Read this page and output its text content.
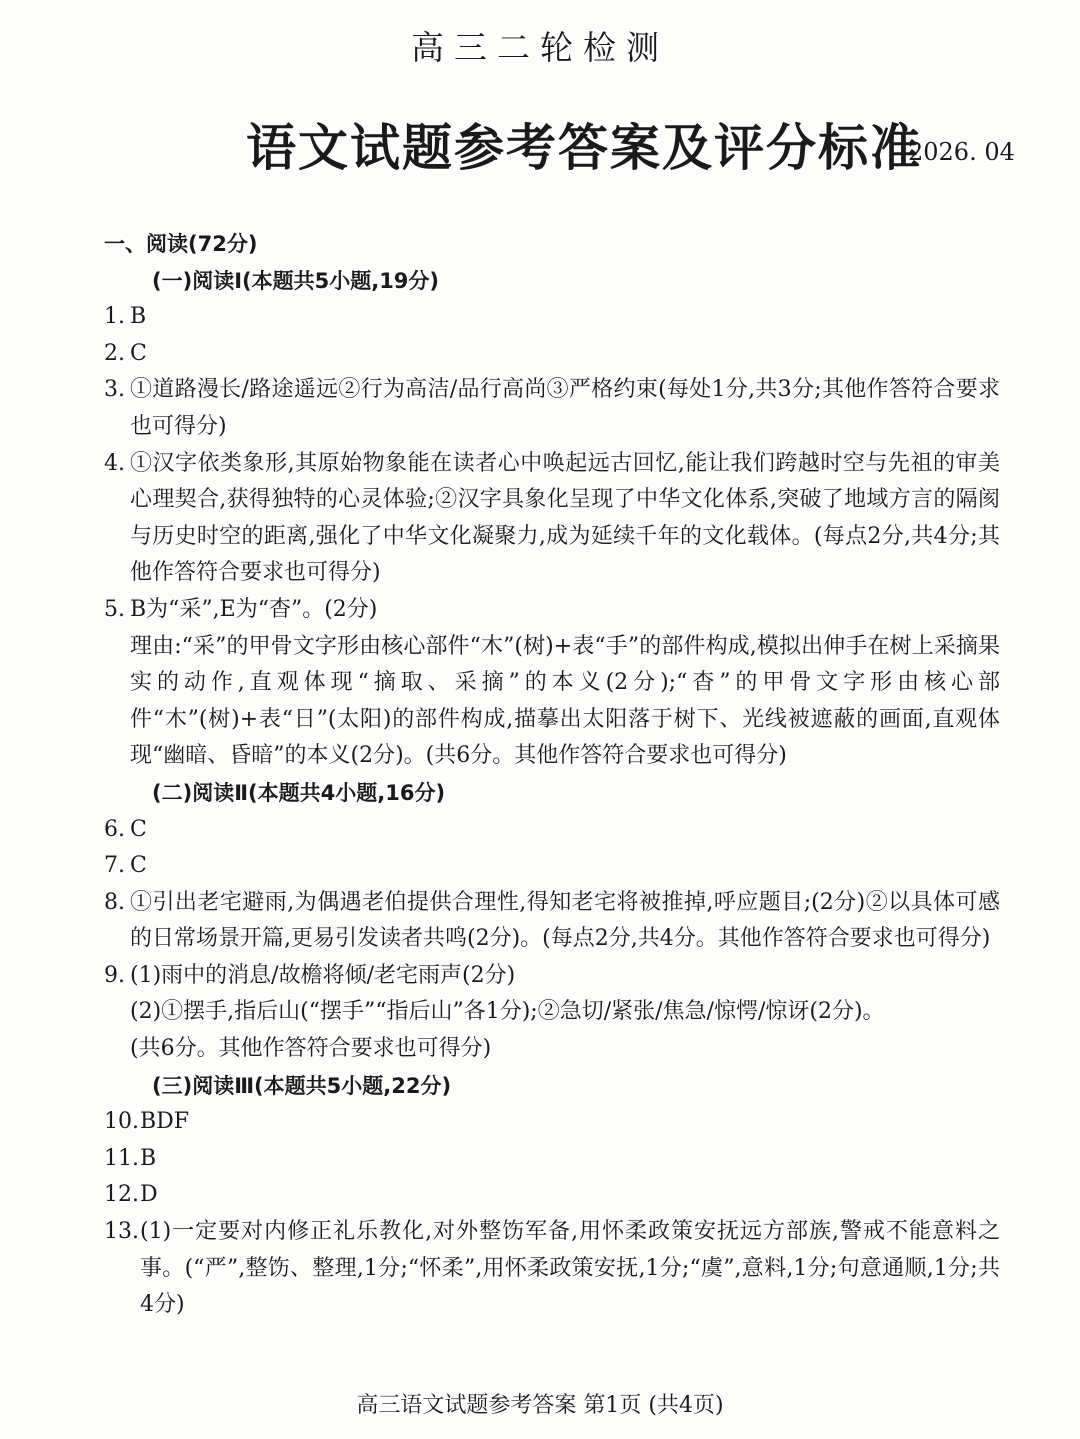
高三二轮检测
语文试题参考答案及评分标准
2026. 04
一、阅读(72分)
(一)阅读Ⅰ(本题共5小题,19分)
1. B
2. C
3. ①道路漫长/路途遥远②行为高洁/品行高尚③严格约束(每处1分,共3分;其他作答符合要求也可得分)
4. ①汉字依类象形,其原始物象能在读者心中唤起远古回忆,能让我们跨越时空与先祖的审美心理契合,获得独特的心灵体验;②汉字具象化呈现了中华文化体系,突破了地域方言的隔阂与历史时空的距离,强化了中华文化凝聚力,成为延续千年的文化载体。(每点2分,共4分;其他作答符合要求也可得分)
5. B为“采”,E为“杳”。(2分)

理由:“采”的甲骨文字形由核心部件“木”(树)+表“手”的部件构成,模拟出伸手在树上采摘果实的动作,直观体现“摘取、采摘”的本义(2分);“杳”的甲骨文字形由核心部件“木”(树)+表“日”(太阳)的部件构成,描摹出太阳落于树下、光线被遮蔽的画面,直观体现“幽暗、昏暗”的本义(2分)。(共6分。其他作答符合要求也可得分)

(二)阅读Ⅱ(本题共4小题,16分)
6. C
7. C
8. ①引出老宅避雨,为偶遇老伯提供合理性,得知老宅将被推掉,呼应题目;(2分)②以具体可感的日常场景开篇,更易引发读者共鸣(2分)。(每点2分,共4分。其他作答符合要求也可得分)
9. (1)雨中的消息/故檐将倾/老宅雨声(2分)

(2)①摆手,指后山(“摆手”“指后山”各1分);②急切/紧张/焦急/惊愕/惊讶(2分)。

(共6分。其他作答符合要求也可得分)

(三)阅读Ⅲ(本题共5小题,22分)
10. BDF
11. B
12. D
13. (1)一定要对内修正礼乐教化,对外整饬军备,用怀柔政策安抚远方部族,警戒不能意料之事。(“严”,整饬、整理,1分;“怀柔”,用怀柔政策安抚,1分;“虞”,意料,1分;句意通顺,1分;共4分)
高三语文试题参考答案 第1页 (共4页)
